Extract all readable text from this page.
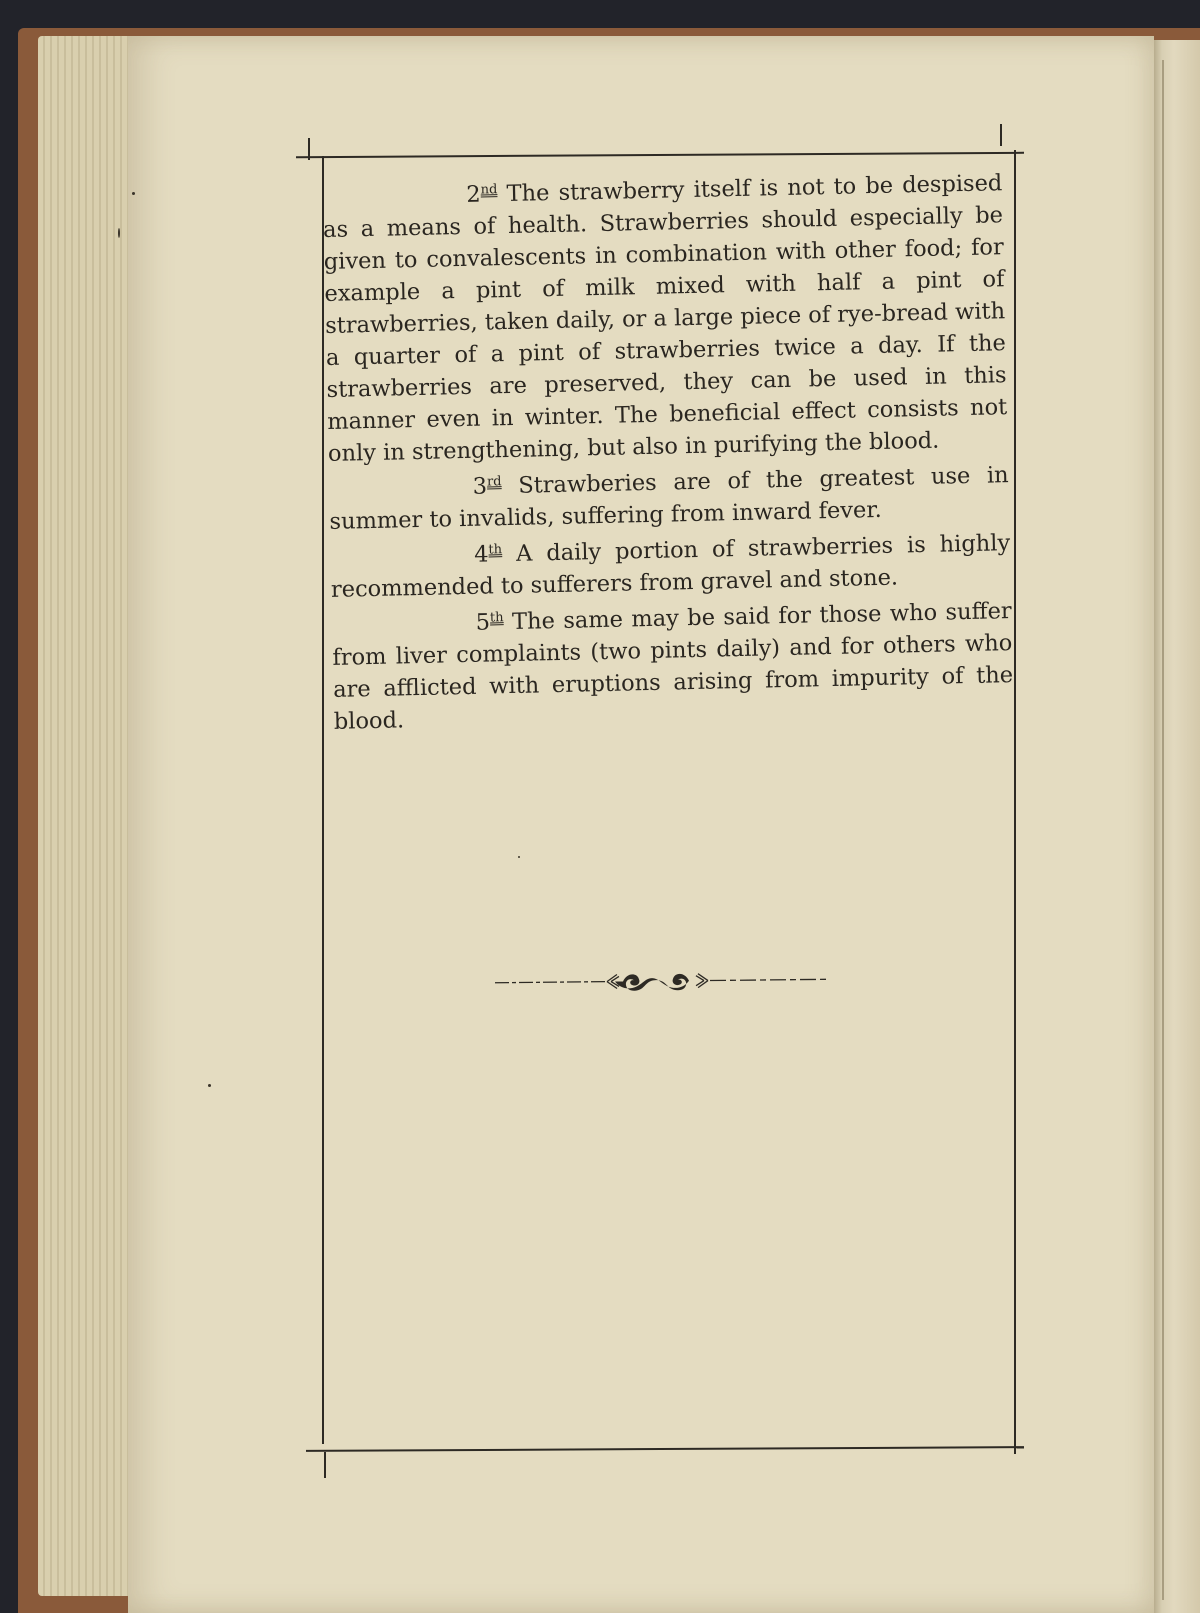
2nd The strawberry itself is not to be despised as a means of health. Strawberries should especially be given to convalescents in combination with other food; for example a pint of milk mixed with half a pint of strawberries, taken daily, or a large piece of rye-bread with a quarter of a pint of strawberries twice a day. If the strawberries are preserved, they can be used in this manner even in winter. The beneficial effect consists not only in strengthening, but also in purifying the blood.

3rd Strawberies are of the greatest use in summer to invalids, suffering from inward fever.

4th A daily portion of strawberries is highly recommended to sufferers from gravel and stone.

5th The same may be said for those who suffer from liver complaints (two pints daily) and for others who are afflicted with eruptions arising from impurity of the blood.
